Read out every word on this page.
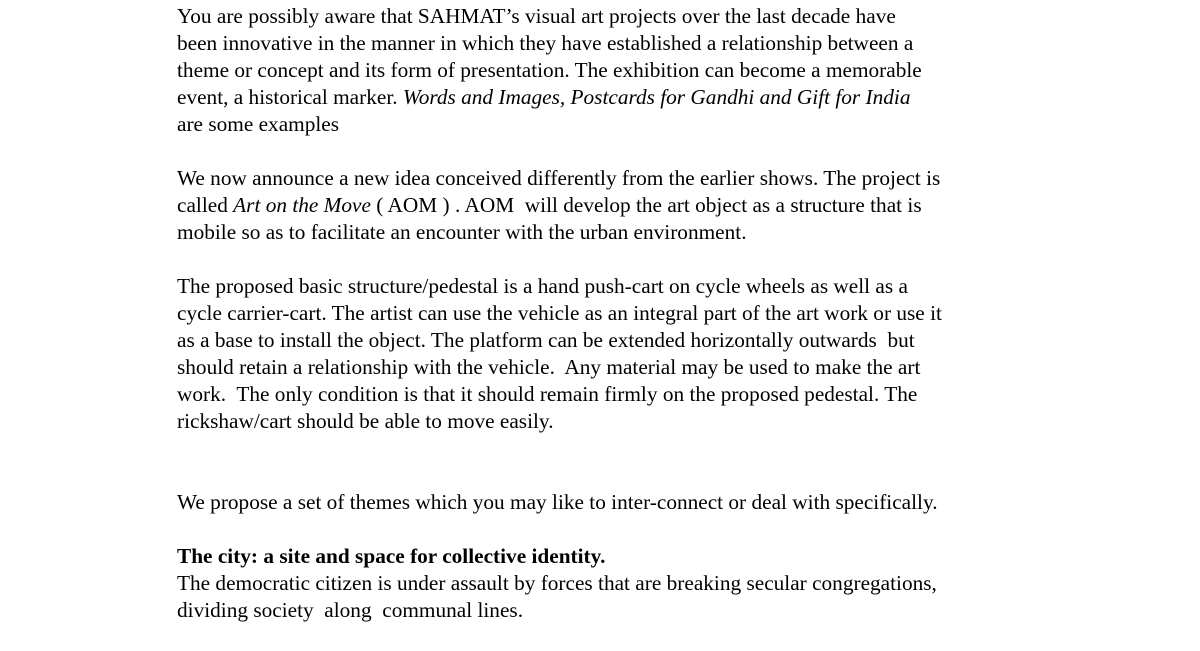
You are possibly aware that SAHMAT’s visual art projects over the last decade have
been innovative in the manner in which they have established a relationship between a
theme or concept and its form of presentation. The exhibition can become a memorable
event, a historical marker. Words and Images, Postcards for Gandhi and Gift for India
are some examples
We now announce a new idea conceived differently from the earlier shows. The project is
called Art on the Move ( AOM ) . AOM  will develop the art object as a structure that is
mobile so as to facilitate an encounter with the urban environment.
The proposed basic structure/pedestal is a hand push-cart on cycle wheels as well as a
cycle carrier-cart. The artist can use the vehicle as an integral part of the art work or use it
as a base to install the object. The platform can be extended horizontally outwards  but
should retain a relationship with the vehicle.  Any material may be used to make the art
work.  The only condition is that it should remain firmly on the proposed pedestal. The
rickshaw/cart should be able to move easily.
We propose a set of themes which you may like to inter-connect or deal with specifically.
The city: a site and space for collective identity.
The democratic citizen is under assault by forces that are breaking secular congregations,
dividing society  along  communal lines.
